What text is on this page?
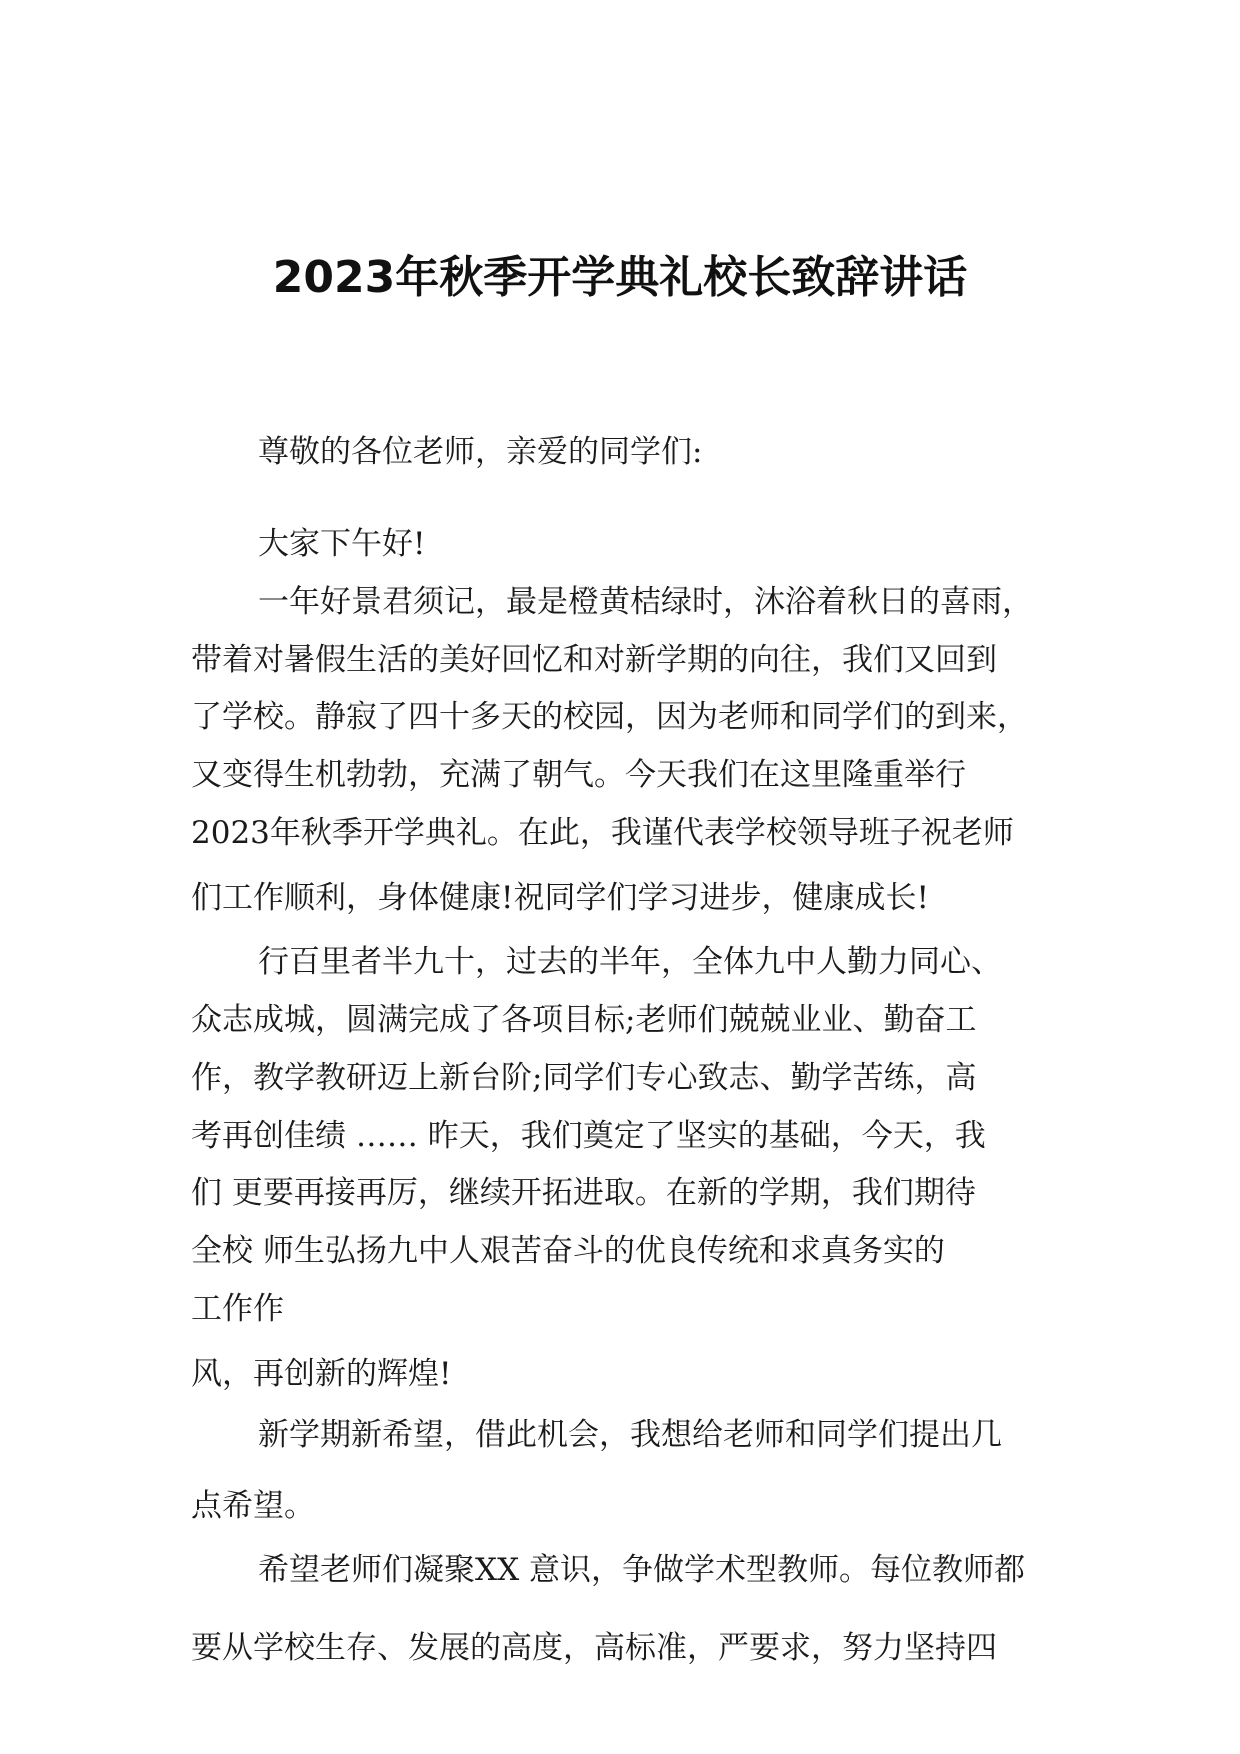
2023年秋季开学典礼校长致辞讲话

尊敬的各位老师，亲爱的同学们:

大家下午好!

一年好景君须记，最是橙黄桔绿时，沐浴着秋日的喜雨，

带着对暑假生活的美好回忆和对新学期的向往，我们又回到

了学校。静寂了四十多天的校园，因为老师和同学们的到来，

又变得生机勃勃，充满了朝气。今天我们在这里隆重举行

2023年秋季开学典礼。在此，我谨代表学校领导班子祝老师

们工作顺利，身体健康!祝同学们学习进步，健康成长!

行百里者半九十，过去的半年，全体九中人勤力同心、

众志成城，圆满完成了各项目标;老师们兢兢业业、勤奋工

作，教学教研迈上新台阶;同学们专心致志、勤学苦练，高

考再创佳绩 …… 昨天，我们奠定了坚实的基础，今天，我

们 更要再接再厉，继续开拓进取。在新的学期，我们期待

全校 师生弘扬九中人艰苦奋斗的优良传统和求真务实的

工作作

风，再创新的辉煌!

新学期新希望，借此机会，我想给老师和同学们提出几

点希望。

希望老师们凝聚XX 意识，争做学术型教师。每位教师都

要从学校生存、发展的高度，高标准，严要求，努力坚持四
